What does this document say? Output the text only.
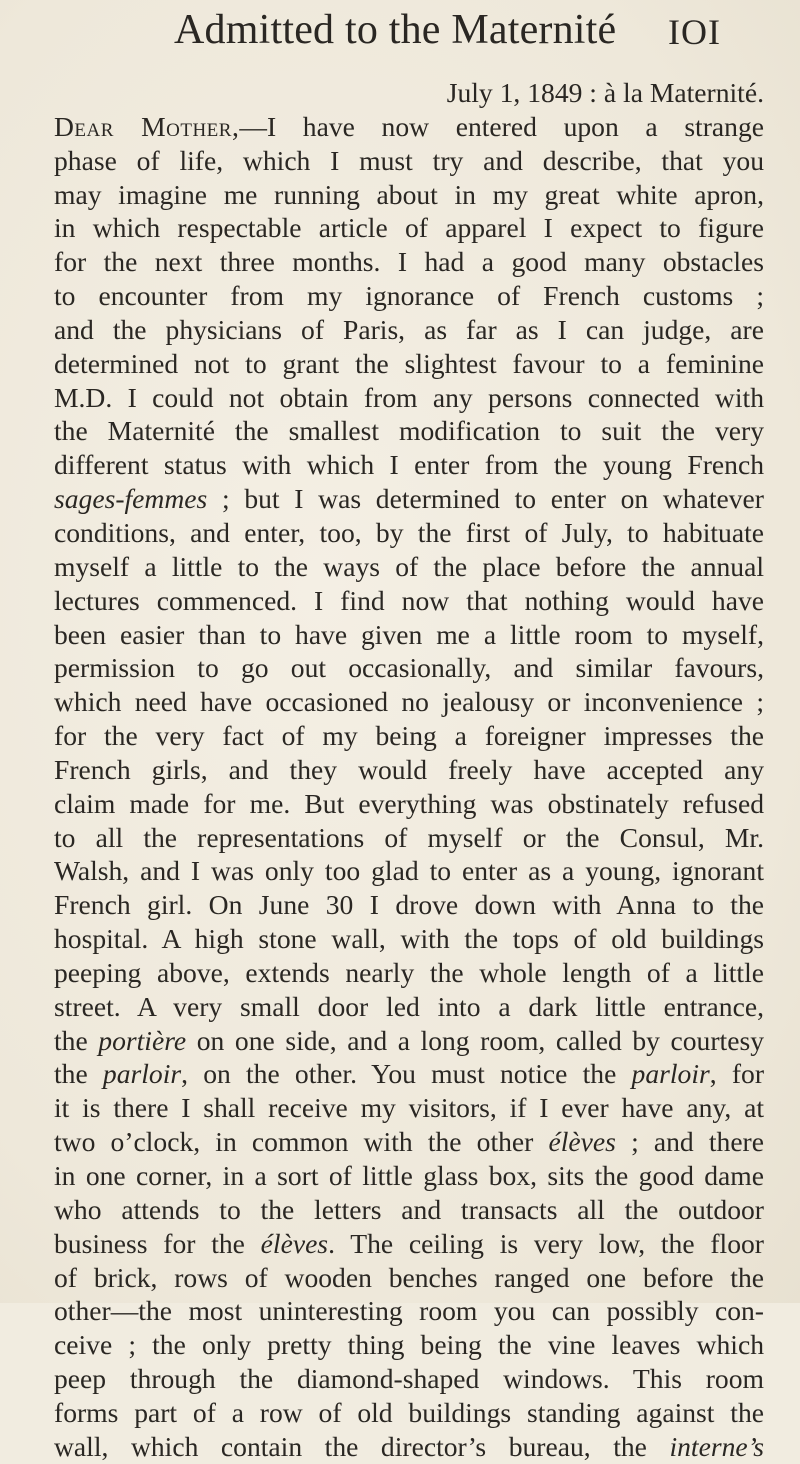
Admitted to the Maternité IOI
July 1, 1849 : à la Maternité.
Dear Mother,—I have now entered upon a strange
phase of life, which I must try and describe, that you
may imagine me running about in my great white apron,
in which respectable article of apparel I expect to figure
for the next three months. I had a good many obstacles
to encounter from my ignorance of French customs ;
and the physicians of Paris, as far as I can judge, are
determined not to grant the slightest favour to a feminine
M.D. I could not obtain from any persons connected with
the Maternité the smallest modification to suit the very
different status with which I enter from the young French
sages-femmes ; but I was determined to enter on whatever
conditions, and enter, too, by the first of July, to habituate
myself a little to the ways of the place before the annual
lectures commenced. I find now that nothing would have
been easier than to have given me a little room to myself,
permission to go out occasionally, and similar favours,
which need have occasioned no jealousy or inconvenience ;
for the very fact of my being a foreigner impresses the
French girls, and they would freely have accepted any
claim made for me. But everything was obstinately refused
to all the representations of myself or the Consul, Mr.
Walsh, and I was only too glad to enter as a young, ignorant
French girl. On June 30 I drove down with Anna to the
hospital. A high stone wall, with the tops of old buildings
peeping above, extends nearly the whole length of a little
street. A very small door led into a dark little entrance,
the portière on one side, and a long room, called by courtesy
the parloir, on the other. You must notice the parloir, for
it is there I shall receive my visitors, if I ever have any, at
two o’clock, in common with the other élèves ; and there
in one corner, in a sort of little glass box, sits the good dame
who attends to the letters and transacts all the outdoor
business for the élèves. The ceiling is very low, the floor
of brick, rows of wooden benches ranged one before the
other—the most uninteresting room you can possibly con-
ceive ; the only pretty thing being the vine leaves which
peep through the diamond-shaped windows. This room
forms part of a row of old buildings standing against the
wall, which contain the director’s bureau, the interne’s
